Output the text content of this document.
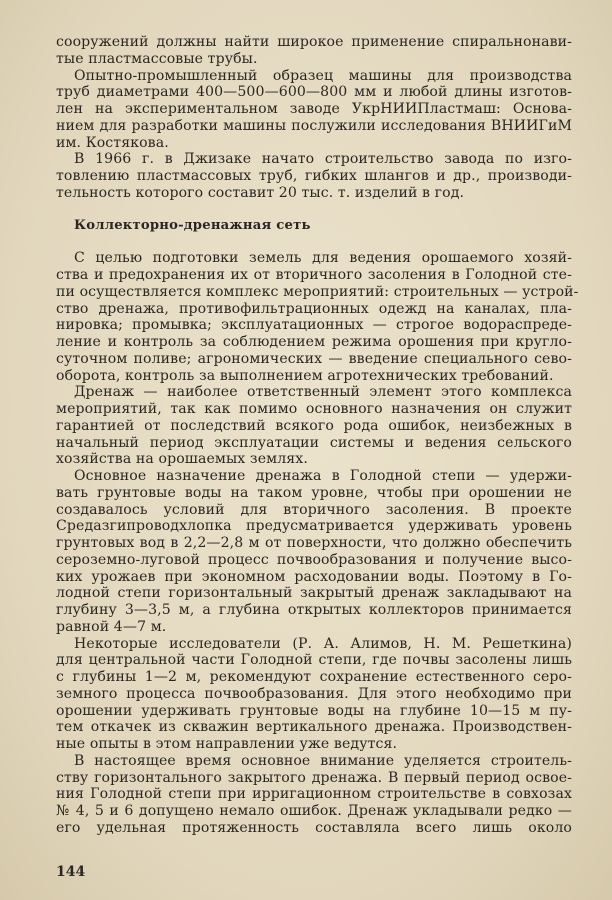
сооружений должны найти широкое применение спиральнонави-
тые пластмассовые трубы.
Опытно-промышленный образец машины для производства
труб диаметрами 400—500—600—800 мм и любой длины изготов-
лен на экспериментальном заводе УкрНИИПластмаш: Основа-
нием для разработки машины послужили исследования ВНИИГиМ
им. Костякова.
В 1966 г. в Джизаке начато строительство завода по изго-
товлению пластмассовых труб, гибких шлангов и др., производи-
тельность которого составит 20 тыс. т. изделий в год.
Коллекторно-дренажная сеть
С целью подготовки земель для ведения орошаемого хозяй-
ства и предохранения их от вторичного засоления в Голодной сте-
пи осуществляется комплекс мероприятий: строительных — устрой-
ство дренажа, противофильтрационных одежд на каналах, пла-
нировка; промывка; эксплуатационных — строгое водораспреде-
ление и контроль за соблюдением режима орошения при кругло-
суточном поливе; агрономических — введение специального сево-
оборота, контроль за выполнением агротехнических требований.
Дренаж — наиболее ответственный элемент этого комплекса
мероприятий, так как помимо основного назначения он служит
гарантией от последствий всякого рода ошибок, неизбежных в
начальный период эксплуатации системы и ведения сельского
хозяйства на орошаемых землях.
Основное назначение дренажа в Голодной степи — удержи-
вать грунтовые воды на таком уровне, чтобы при орошении не
создавалось условий для вторичного засоления. В проекте
Средазгипроводхлопка предусматривается удерживать уровень
грунтовых вод в 2,2—2,8 м от поверхности, что должно обеспечить
сероземно-луговой процесс почвообразования и получение высо-
ких урожаев при экономном расходовании воды. Поэтому в Го-
лодной степи горизонтальный закрытый дренаж закладывают на
глубину 3—3,5 м, а глубина открытых коллекторов принимается
равной 4—7 м.
Некоторые исследователи (Р. А. Алимов, Н. М. Решеткина)
для центральной части Голодной степи, где почвы засолены лишь
с глубины 1—2 м, рекомендуют сохранение естественного серо-
земного процесса почвообразования. Для этого необходимо при
орошении удерживать грунтовые воды на глубине 10—15 м пу-
тем откачек из скважин вертикального дренажа. Производствен-
ные опыты в этом направлении уже ведутся.
В настоящее время основное внимание уделяется строитель-
ству горизонтального закрытого дренажа. В первый период освое-
ния Голодной степи при ирригационном строительстве в совхозах
№ 4, 5 и 6 допущено немало ошибок. Дренаж укладывали редко —
его удельная протяженность составляла всего лишь около
144
